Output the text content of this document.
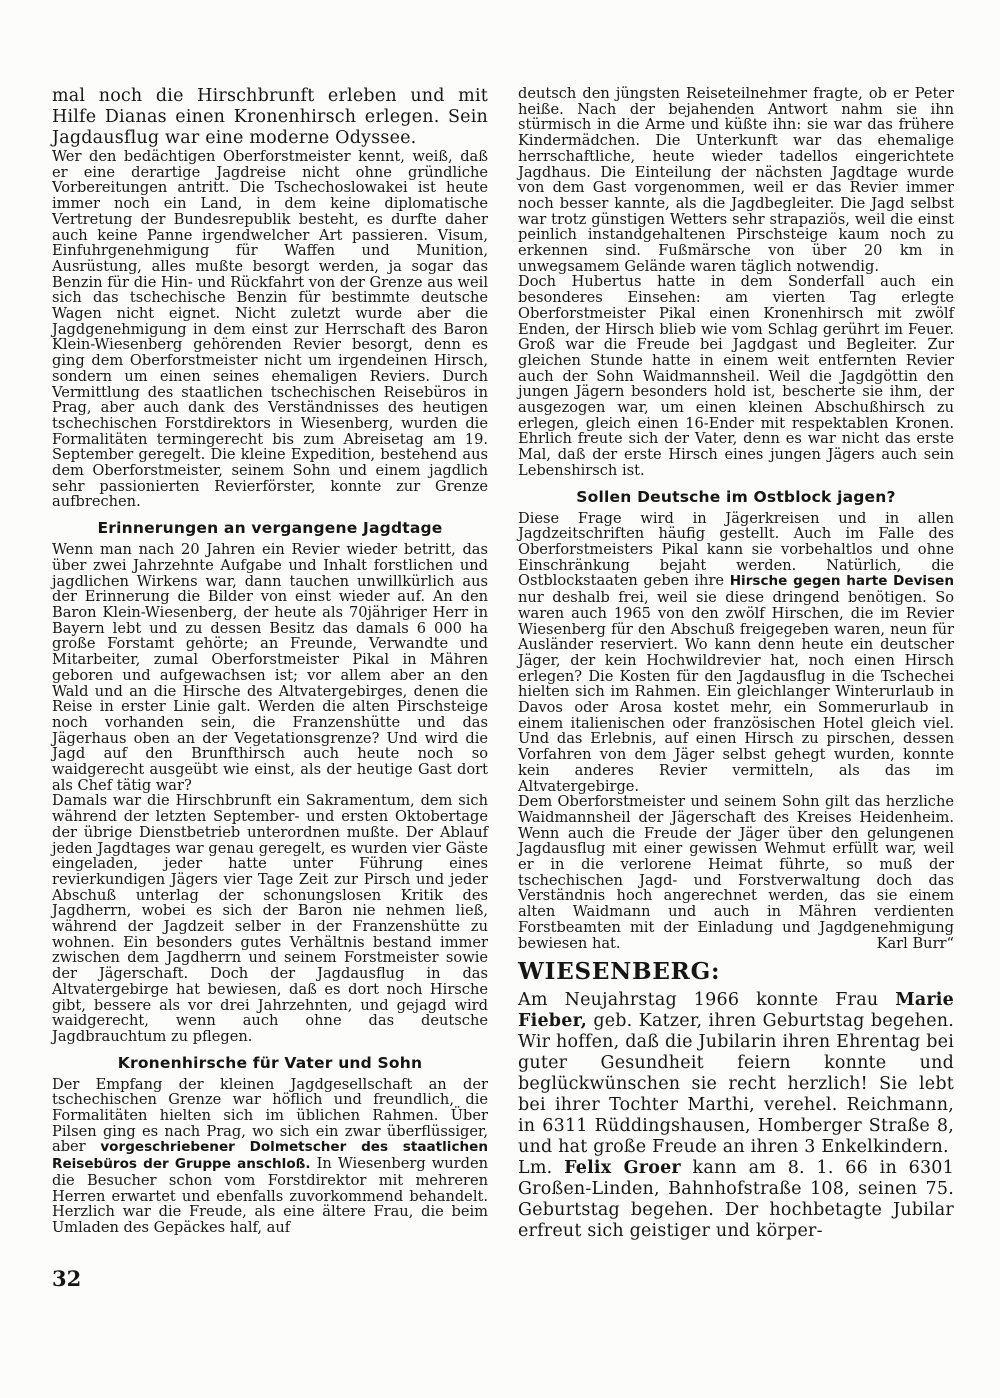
mal noch die Hirschbrunft erleben und mit Hilfe Dianas einen Kronenhirsch erlegen. Sein Jagdausflug war eine moderne Odyssee.

Wer den bedächtigen Oberforstmeister kennt, weiß, daß er eine derartige Jagdreise nicht ohne gründliche Vorbereitungen antritt. Die Tschechoslowakei ist heute immer noch ein Land, in dem keine diplomatische Vertretung der Bundesrepublik besteht, es durfte daher auch keine Panne irgendwelcher Art passieren. Visum, Einfuhrgenehmigung für Waffen und Munition, Ausrüstung, alles mußte besorgt werden, ja sogar das Benzin für die Hin- und Rückfahrt von der Grenze aus weil sich das tschechische Benzin für bestimmte deutsche Wagen nicht eignet. Nicht zuletzt wurde aber die Jagdgenehmigung in dem einst zur Herrschaft des Baron Klein-Wiesenberg gehörenden Revier besorgt, denn es ging dem Oberforstmeister nicht um irgendeinen Hirsch, sondern um einen seines ehemaligen Reviers. Durch Vermittlung des staatlichen tschechischen Reisebüros in Prag, aber auch dank des Verständnisses des heutigen tschechischen Forstdirektors in Wiesenberg, wurden die Formalitäten termingerecht bis zum Abreisetag am 19. September geregelt. Die kleine Expedition, bestehend aus dem Oberforstmeister, seinem Sohn und einem jagdlich sehr passionierten Revierförster, konnte zur Grenze aufbrechen.

Erinnerungen an vergangene Jagdtage

Wenn man nach 20 Jahren ein Revier wieder betritt, das über zwei Jahrzehnte Aufgabe und Inhalt forstlichen und jagdlichen Wirkens war, dann tauchen unwillkürlich aus der Erinnerung die Bilder von einst wieder auf. An den Baron Klein-Wiesenberg, der heute als 70jähriger Herr in Bayern lebt und zu dessen Besitz das damals 6 000 ha große Forstamt gehörte; an Freunde, Verwandte und Mitarbeiter, zumal Oberforstmeister Pikal in Mähren geboren und aufgewachsen ist; vor allem aber an den Wald und an die Hirsche des Altvatergebirges, denen die Reise in erster Linie galt. Werden die alten Pirschsteige noch vorhanden sein, die Franzenshütte und das Jägerhaus oben an der Vegetationsgrenze? Und wird die Jagd auf den Brunfthirsch auch heute noch so waidgerecht ausgeübt wie einst, als der heutige Gast dort als Chef tätig war?

Damals war die Hirschbrunft ein Sakramentum, dem sich während der letzten September- und ersten Oktobertage der übrige Dienstbetrieb unterordnen mußte. Der Ablauf jeden Jagdtages war genau geregelt, es wurden vier Gäste eingeladen, jeder hatte unter Führung eines revierkundigen Jägers vier Tage Zeit zur Pirsch und jeder Abschuß unterlag der schonungslosen Kritik des Jagdherrn, wobei es sich der Baron nie nehmen ließ, während der Jagdzeit selber in der Franzenshütte zu wohnen. Ein besonders gutes Verhältnis bestand immer zwischen dem Jagdherrn und seinem Forstmeister sowie der Jägerschaft. Doch der Jagdausflug in das Altvatergebirge hat bewiesen, daß es dort noch Hirsche gibt, bessere als vor drei Jahrzehnten, und gejagd wird waidgerecht, wenn auch ohne das deutsche Jagdbrauchtum zu pflegen.

Kronenhirsche für Vater und Sohn

Der Empfang der kleinen Jagdgesellschaft an der tschechischen Grenze war höflich und freundlich, die Formalitäten hielten sich im üblichen Rahmen. Über Pilsen ging es nach Prag, wo sich ein zwar überflüssiger, aber vorgeschriebener Dolmetscher des staatlichen Reisebüros der Gruppe anschloß. In Wiesenberg wurden die Besucher schon vom Forstdirektor mit mehreren Herren erwartet und ebenfalls zuvorkommend behandelt. Herzlich war die Freude, als eine ältere Frau, die beim Umladen des Gepäckes half, auf

deutsch den jüngsten Reiseteilnehmer fragte, ob er Peter heiße. Nach der bejahenden Antwort nahm sie ihn stürmisch in die Arme und küßte ihn: sie war das frühere Kindermädchen. Die Unterkunft war das ehemalige herrschaftliche, heute wieder tadellos eingerichtete Jagdhaus. Die Einteilung der nächsten Jagdtage wurde von dem Gast vorgenommen, weil er das Revier immer noch besser kannte, als die Jagdbegleiter. Die Jagd selbst war trotz günstigen Wetters sehr strapaziös, weil die einst peinlich instandgehaltenen Pirschsteige kaum noch zu erkennen sind. Fußmärsche von über 20 km in unwegsamem Gelände waren täglich notwendig.

Doch Hubertus hatte in dem Sonderfall auch ein besonderes Einsehen: am vierten Tag erlegte Oberforstmeister Pikal einen Kronenhirsch mit zwölf Enden, der Hirsch blieb wie vom Schlag gerührt im Feuer. Groß war die Freude bei Jagdgast und Begleiter. Zur gleichen Stunde hatte in einem weit entfernten Revier auch der Sohn Waidmannsheil. Weil die Jagdgöttin den jungen Jägern besonders hold ist, bescherte sie ihm, der ausgezogen war, um einen kleinen Abschußhirsch zu erlegen, gleich einen 16-Ender mit respektablen Kronen. Ehrlich freute sich der Vater, denn es war nicht das erste Mal, daß der erste Hirsch eines jungen Jägers auch sein Lebenshirsch ist.

Sollen Deutsche im Ostblock jagen?

Diese Frage wird in Jägerkreisen und in allen Jagdzeitschriften häufig gestellt. Auch im Falle des Oberforstmeisters Pikal kann sie vorbehaltlos und ohne Einschränkung bejaht werden. Natürlich, die Ostblockstaaten geben ihre Hirsche gegen harte Devisen nur deshalb frei, weil sie diese dringend benötigen. So waren auch 1965 von den zwölf Hirschen, die im Revier Wiesenberg für den Abschuß freigegeben waren, neun für Ausländer reserviert. Wo kann denn heute ein deutscher Jäger, der kein Hochwildrevier hat, noch einen Hirsch erlegen? Die Kosten für den Jagdausflug in die Tschechei hielten sich im Rahmen. Ein gleichlanger Winterurlaub in Davos oder Arosa kostet mehr, ein Sommerurlaub in einem italienischen oder französischen Hotel gleich viel. Und das Erlebnis, auf einen Hirsch zu pirschen, dessen Vorfahren von dem Jäger selbst gehegt wurden, konnte kein anderes Revier vermitteln, als das im Altvatergebirge.

Dem Oberforstmeister und seinem Sohn gilt das herzliche Waidmannsheil der Jägerschaft des Kreises Heidenheim. Wenn auch die Freude der Jäger über den gelungenen Jagdausflug mit einer gewissen Wehmut erfüllt war, weil er in die verlorene Heimat führte, so muß der tschechischen Jagd- und Forstverwaltung doch das Verständnis hoch angerechnet werden, das sie einem alten Waidmann und auch in Mähren verdienten Forstbeamten mit der Einladung und Jagdgenehmigung bewiesen hat.	Karl Burr“

WIESENBERG:

Am Neujahrstag 1966 konnte Frau Marie Fieber, geb. Katzer, ihren Geburtstag begehen. Wir hoffen, daß die Jubilarin ihren Ehrentag bei guter Gesundheit feiern konnte und beglückwünschen sie recht herzlich! Sie lebt bei ihrer Tochter Marthi, verehel. Reichmann, in 6311 Rüddingshausen, Homberger Straße 8, und hat große Freude an ihren 3 Enkelkindern.

Lm. Felix Groer kann am 8. 1. 66 in 6301 Großen-Linden, Bahnhofstraße 108, seinen 75. Geburtstag begehen. Der hochbetagte Jubilar erfreut sich geistiger und körper-

32
